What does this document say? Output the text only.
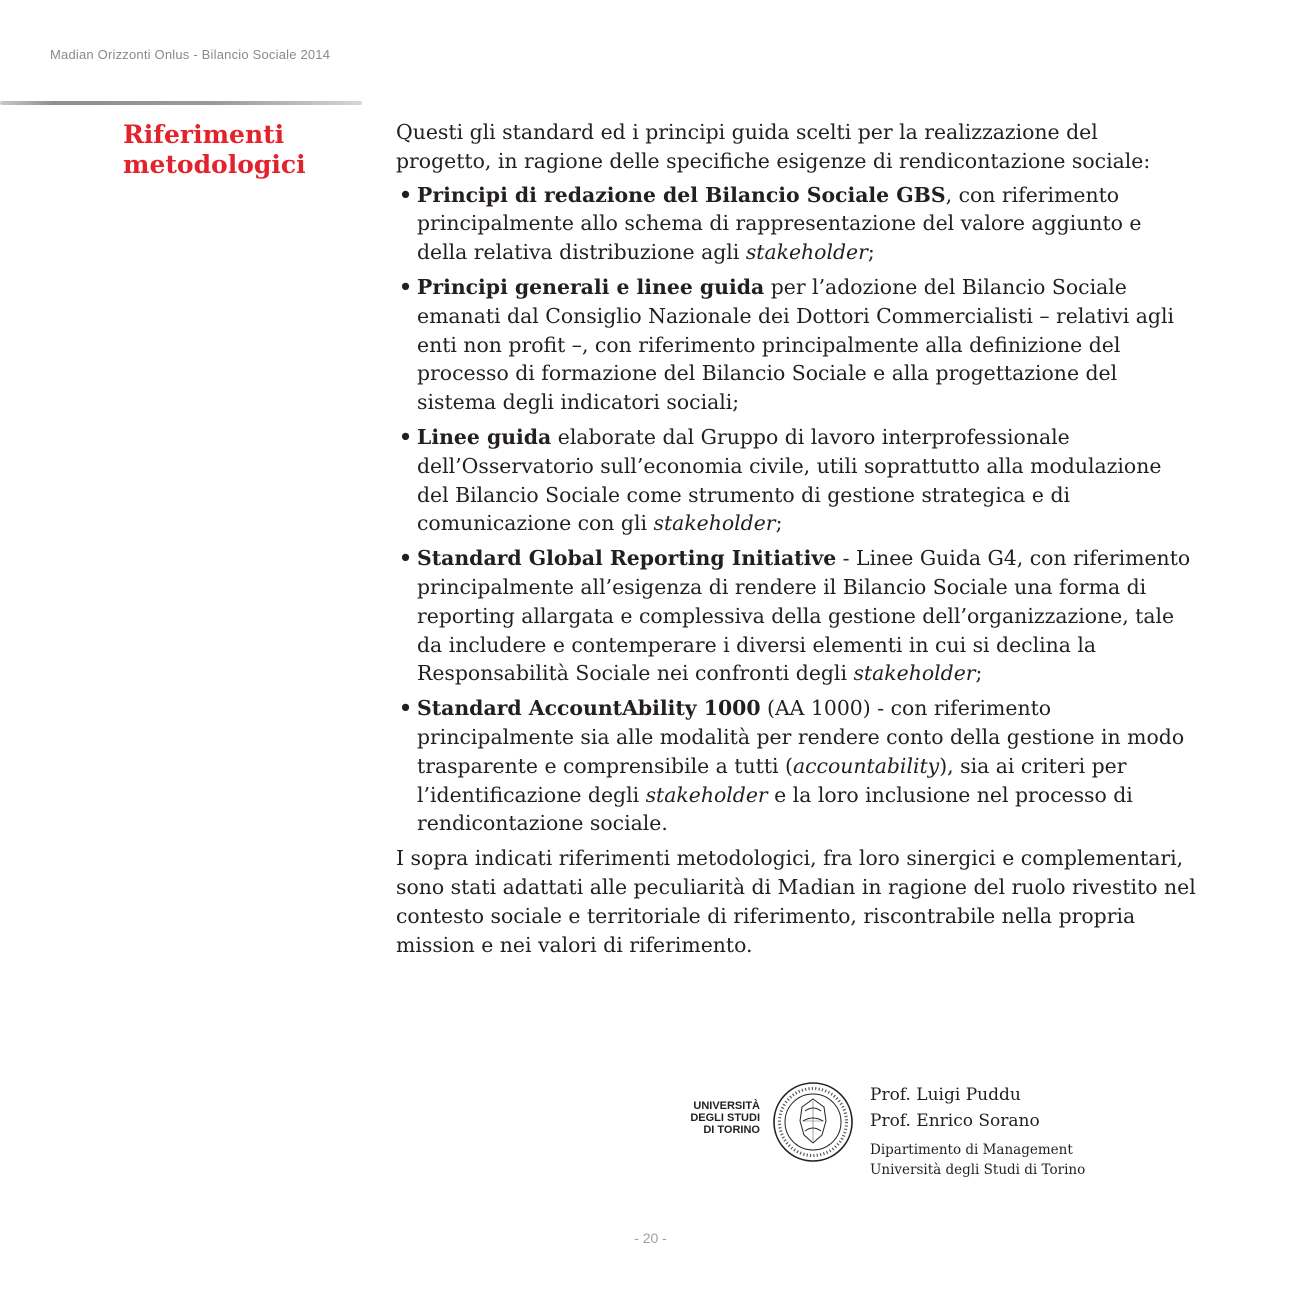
Madian Orizzonti Onlus - Bilancio Sociale 2014
Riferimenti
metodologici

Questi gli standard ed i principi guida scelti per la realizzazione del progetto, in ragione delle specifiche esigenze di rendicontazione sociale:

• Principi di redazione del Bilancio Sociale GBS, con riferimento principalmente allo schema di rappresentazione del valore aggiunto e della relativa distribuzione agli stakeholder;
• Principi generali e linee guida per l’adozione del Bilancio Sociale emanati dal Consiglio Nazionale dei Dottori Commercialisti – relativi agli enti non profit –, con riferimento principalmente alla definizione del processo di formazione del Bilancio Sociale e alla progettazione del sistema degli indicatori sociali;
• Linee guida elaborate dal Gruppo di lavoro interprofessionale dell’Osservatorio sull’economia civile, utili soprattutto alla modulazione del Bilancio Sociale come strumento di gestione strategica e di comunicazione con gli stakeholder;
• Standard Global Reporting Initiative - Linee Guida G4, con riferimento principalmente all’esigenza di rendere il Bilancio Sociale una forma di reporting allargata e complessiva della gestione dell’organizzazione, tale da includere e contemperare i diversi elementi in cui si declina la Responsabilità Sociale nei confronti degli stakeholder;
• Standard AccountAbility 1000 (AA 1000) - con riferimento principalmente sia alle modalità per rendere conto della gestione in modo trasparente e comprensibile a tutti (accountability), sia ai criteri per l’identificazione degli stakeholder e la loro inclusione nel processo di rendicontazione sociale.

I sopra indicati riferimenti metodologici, fra loro sinergici e complementari, sono stati adattati alle peculiarità di Madian in ragione del ruolo rivestito nel contesto sociale e territoriale di riferimento, riscontrabile nella propria mission e nei valori di riferimento.

UNIVERSITÀ
DEGLI STUDI
DI TORINO
Prof. Luigi Puddu
Prof. Enrico Sorano
Dipartimento di Management
Università degli Studi di Torino
- 20 -
